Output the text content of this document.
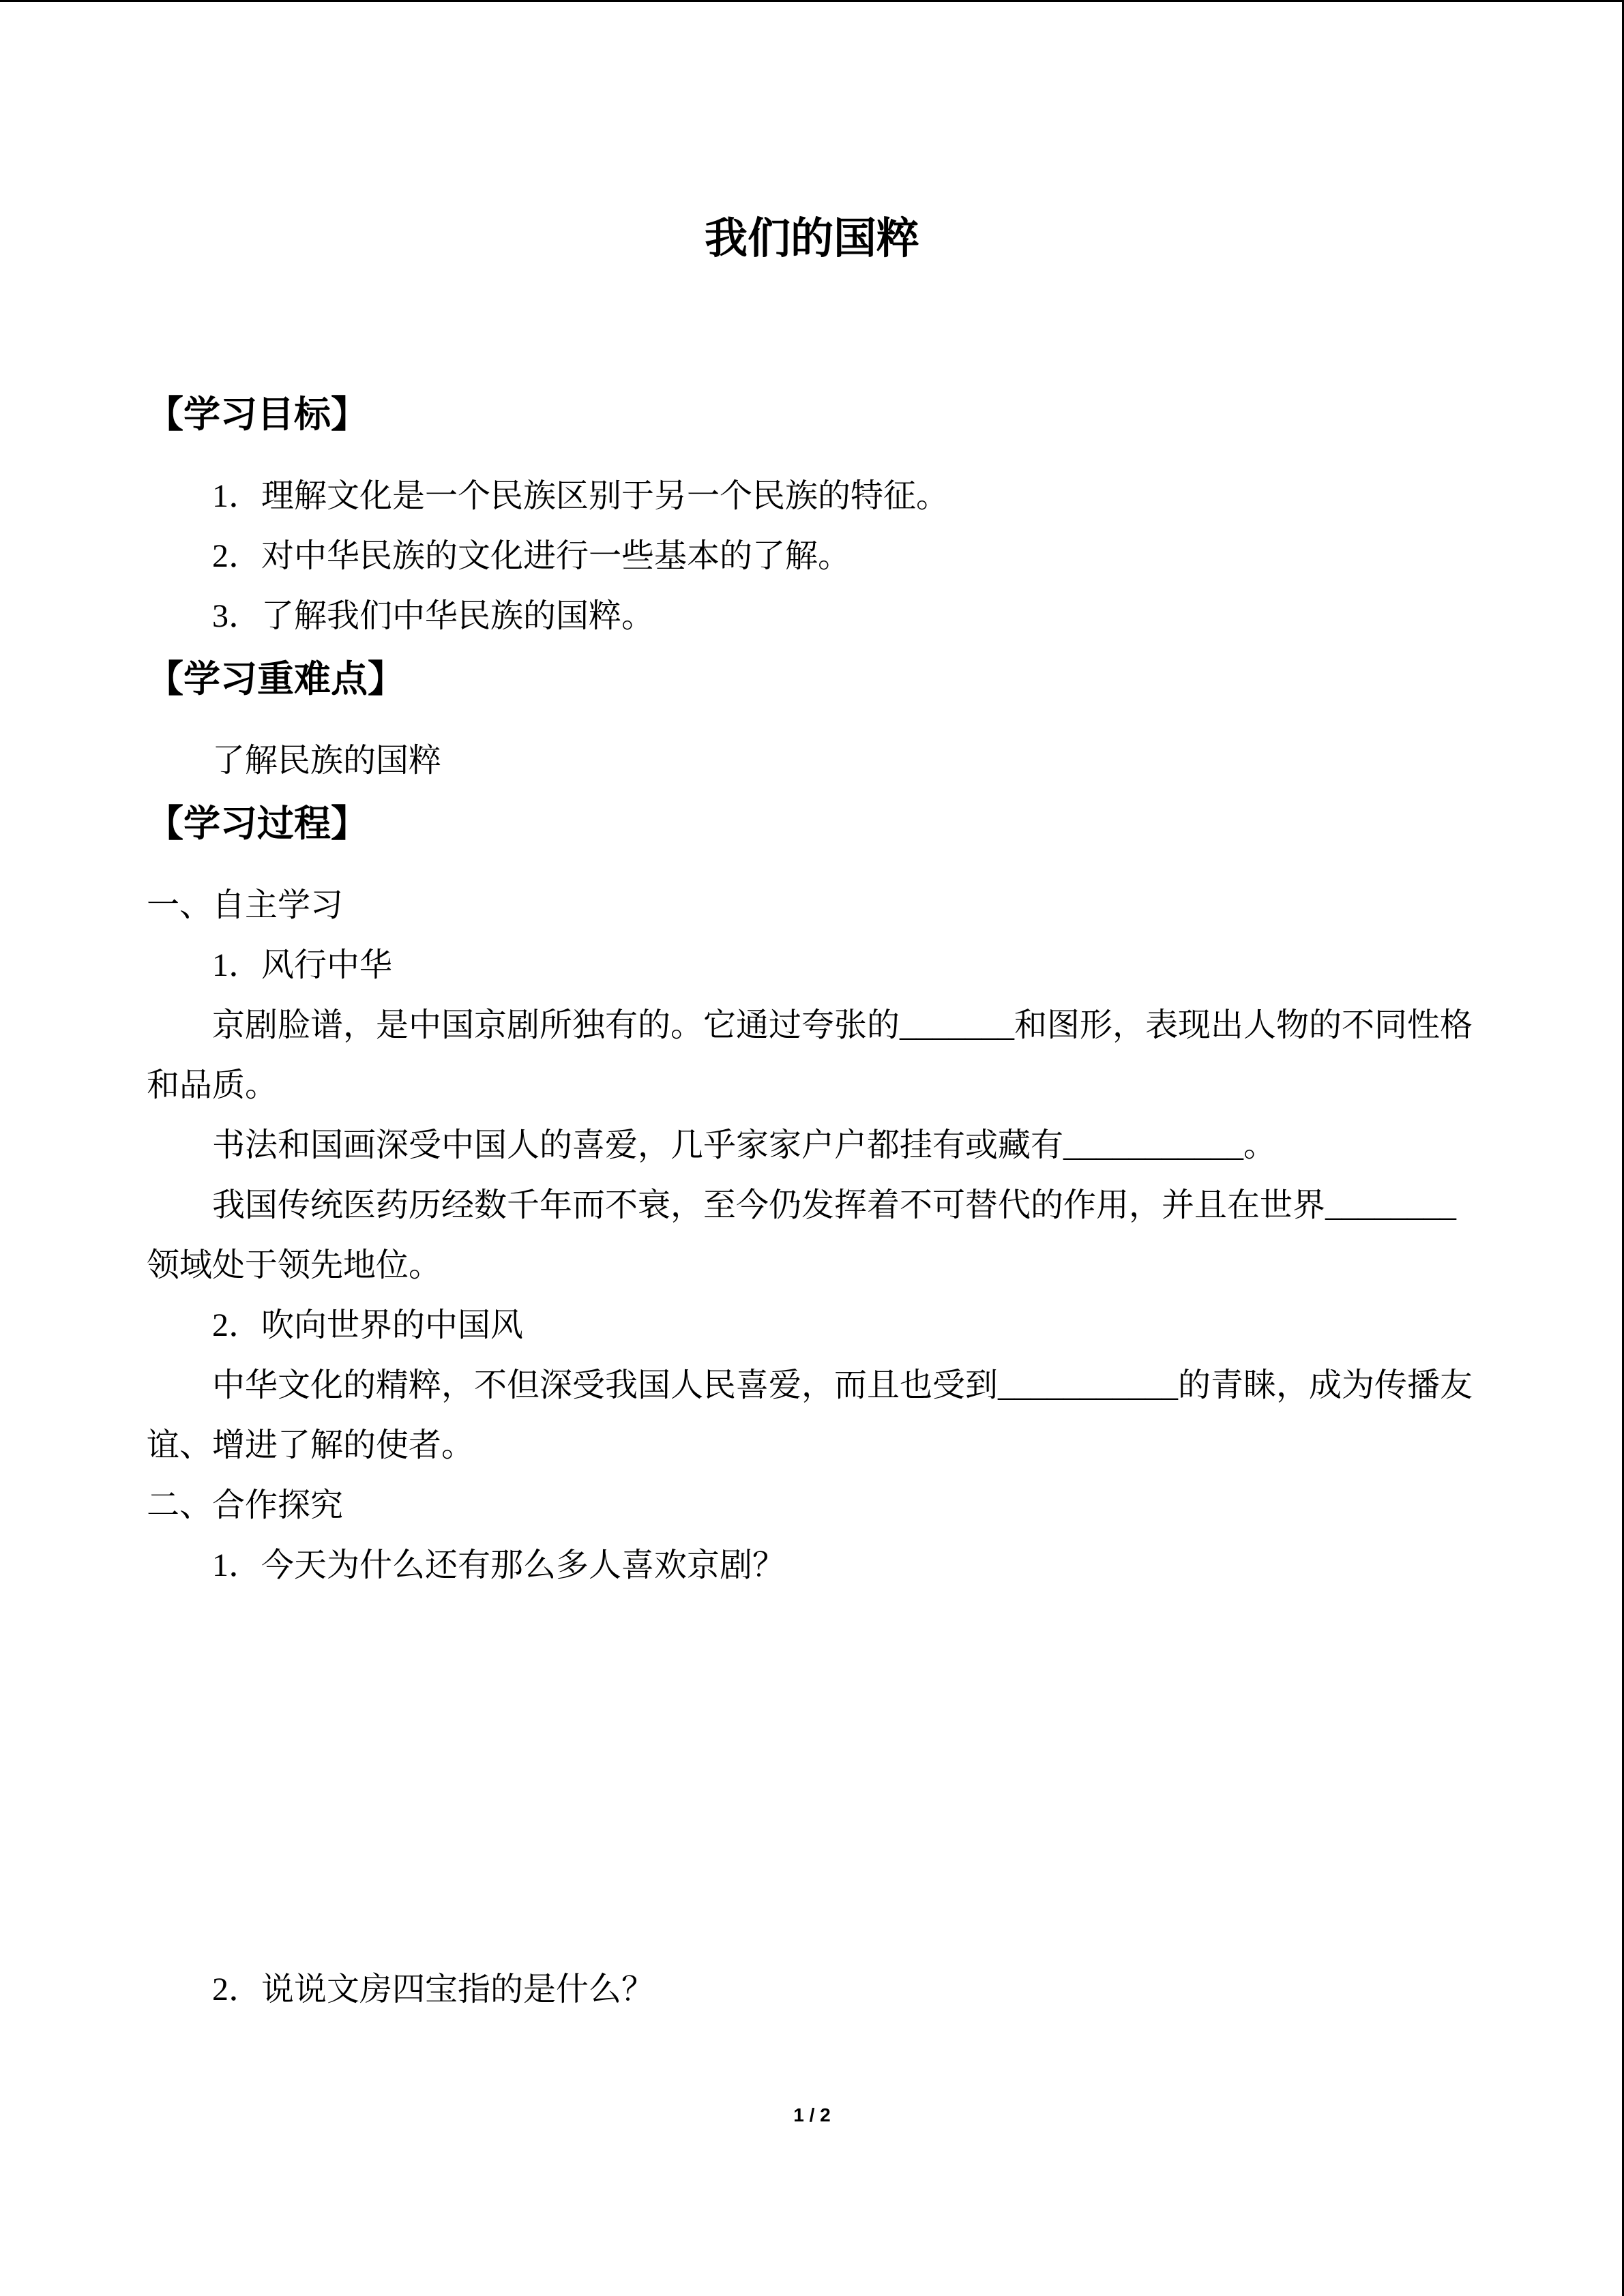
我们的国粹
【学习目标】
1．理解文化是一个民族区别于另一个民族的特征。
2．对中华民族的文化进行一些基本的了解。
3．了解我们中华民族的国粹。
【学习重难点】
了解民族的国粹
【学习过程】
一、自主学习
1．风行中华
京剧脸谱，是中国京剧所独有的。它通过夸张的_______和图形，表现出人物的不同性格
和品质。
书法和国画深受中国人的喜爱，几乎家家户户都挂有或藏有___________。
我国传统医药历经数千年而不衰，至今仍发挥着不可替代的作用，并且在世界________
领域处于领先地位。
2．吹向世界的中国风
中华文化的精粹，不但深受我国人民喜爱，而且也受到___________的青睐，成为传播友
谊、增进了解的使者。
二、合作探究
1．今天为什么还有那么多人喜欢京剧？
2．说说文房四宝指的是什么？
1 / 2
